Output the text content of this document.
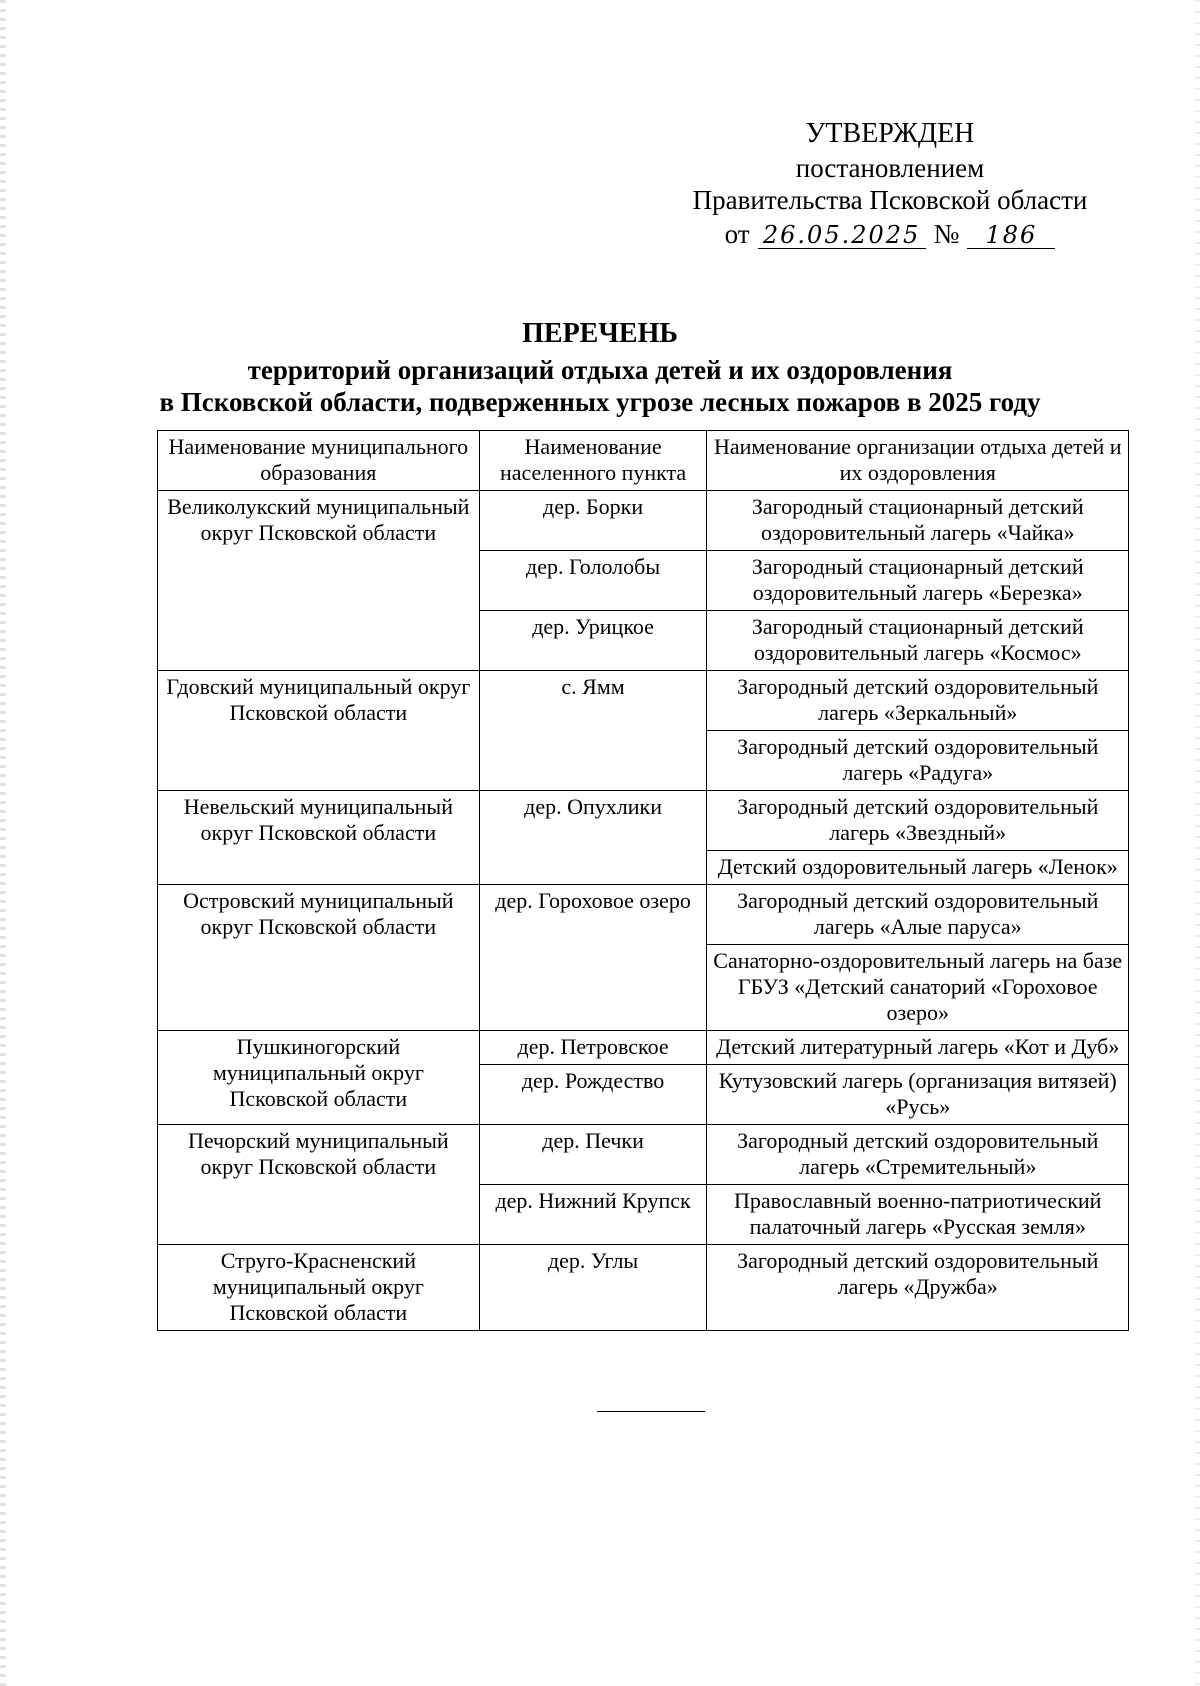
УТВЕРЖДЕН
постановлением
Правительства Псковской области
от 26.05.2025 №	186
ПЕРЕЧЕНЬ
территорий организаций отдыха детей и их оздоровления
в Псковской области, подверженных угрозе лесных пожаров в 2025 году
Наименование муниципального образования	Наименование населенного пункта	Наименование организации отдыха детей и их оздоровления
Великолукский муниципальный округ Псковской области	дер. Борки	Загородный стационарный детский оздоровительный лагерь «Чайка»
	дер. Гололобы	Загородный стационарный детский оздоровительный лагерь «Березка»
	дер. Урицкое	Загородный стационарный детский оздоровительный лагерь «Космос»
Гдовский муниципальный округ Псковской области	с. Ямм	Загородный детский оздоровительный лагерь «Зеркальный»
		Загородный детский оздоровительный лагерь «Радуга»
Невельский муниципальный округ Псковской области	дер. Опухлики	Загородный детский оздоровительный лагерь «Звездный»
		Детский оздоровительный лагерь «Ленок»
Островский муниципальный округ Псковской области	дер. Гороховое озеро	Загородный детский оздоровительный лагерь «Алые паруса»
		Санаторно-оздоровительный лагерь на базе ГБУЗ «Детский санаторий «Гороховое озеро»
Пушкиногорский муниципальный округ Псковской области	дер. Петровское	Детский литературный лагерь «Кот и Дуб»
	дер. Рождество	Кутузовский лагерь (организация витязей) «Русь»
Печорский муниципальный округ Псковской области	дер. Печки	Загородный детский оздоровительный лагерь «Стремительный»
	дер. Нижний Крупск	Православный военно-патриотический палаточный лагерь «Русская земля»
Струго-Красненский муниципальный округ Псковской области	дер. Углы	Загородный детский оздоровительный лагерь «Дружба»
